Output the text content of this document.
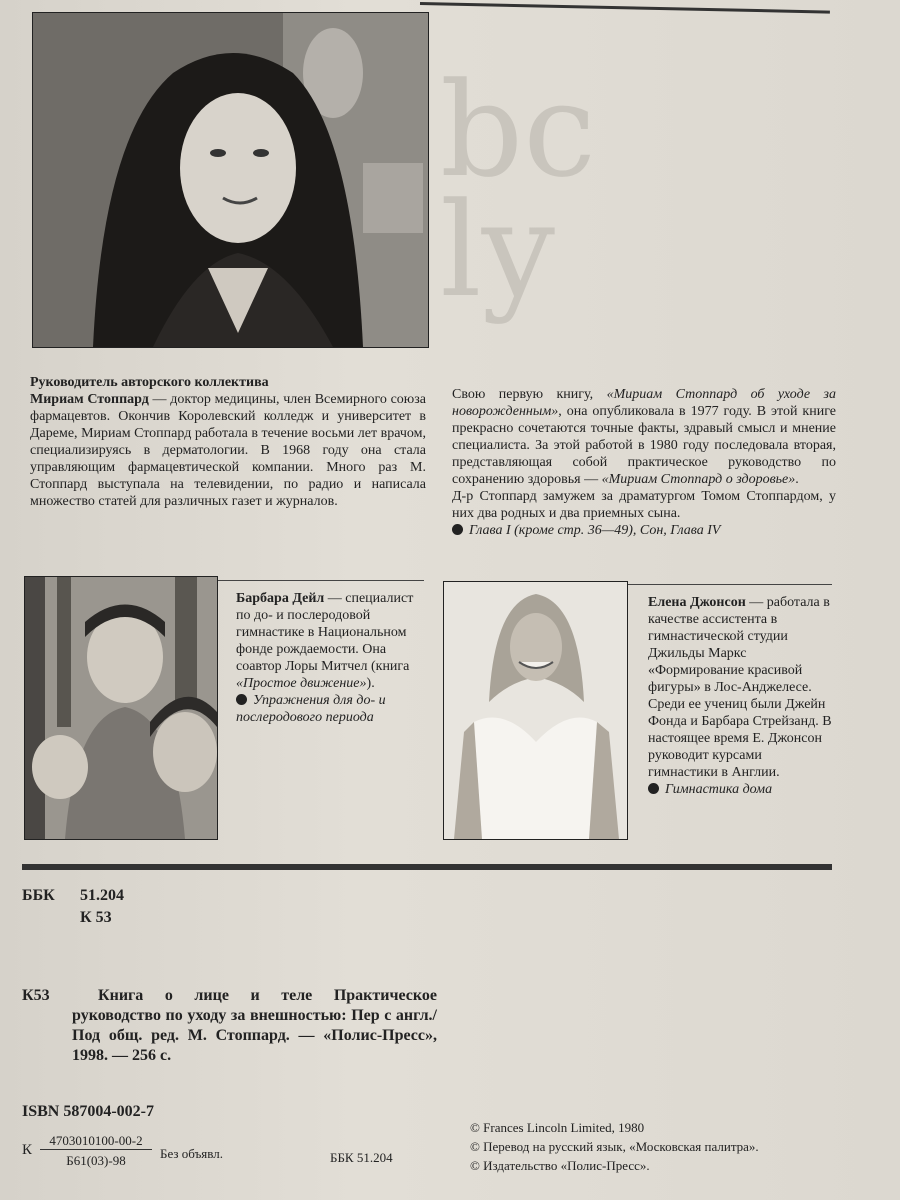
bc
ly

Руководитель авторского коллектива

Мириам Стоппард — доктор медицины, член Всемирного союза фармацевтов. Окончив Королевский колледж и университет в Дареме, Мириам Стоппард работала в течение восьми лет врачом, специализируясь в дерматологии. В 1968 году она стала управляющим фармацевтической компании. Много раз М. Стоппард выступала на телевидении, по радио и написала множество статей для различных газет и журналов.

Свою первую книгу, «Мириам Стоппард об уходе за новорожденным», она опубликовала в 1977 году. В этой книге прекрасно сочетаются точные факты, здравый смысл и мнение специалиста. За этой работой в 1980 году последовала вторая, представляющая собой практическое руководство по сохранению здоровья — «Мириам Стоппард о здоровье».

Д-р Стоппард замужем за драматургом Томом Стоппардом, у них два родных и два приемных сына.

Глава I (кроме стр. 36—49), Сон, Глава IV

Барбара Дейл — специалист по до- и послеродовой гимнастике в Национальном фонде рождаемости. Она соавтор Лоры Митчел (книга «Простое движение»).
Упражнения для до- и послеродового периода
Елена Джонсон — работала в качестве ассистента в гимнастической студии Джильды Маркс «Формирование красивой фигуры» в Лос-Анджелесе. Среди ее учениц были Джейн Фонда и Барбара Стрейзанд. В настоящее время Е. Джонсон руководит курсами гимнастики в Англии.
Гимнастика дома
ББК 51.204
К 53
К53	Книга о лице и теле Практическое руководство по уходу за внешностью: Пер с англ./Под общ. ред. М. Стоппард. — «Полис-Пресс», 1998. — 256 с.
ISBN 587004-002-7
К
4703010100-00-2
Б61(03)-98	Без объявл.	ББК 51.204
© Frances Lincoln Limited, 1980
© Перевод на русский язык, «Московская палитра».
© Издательство «Полис-Пресс».
